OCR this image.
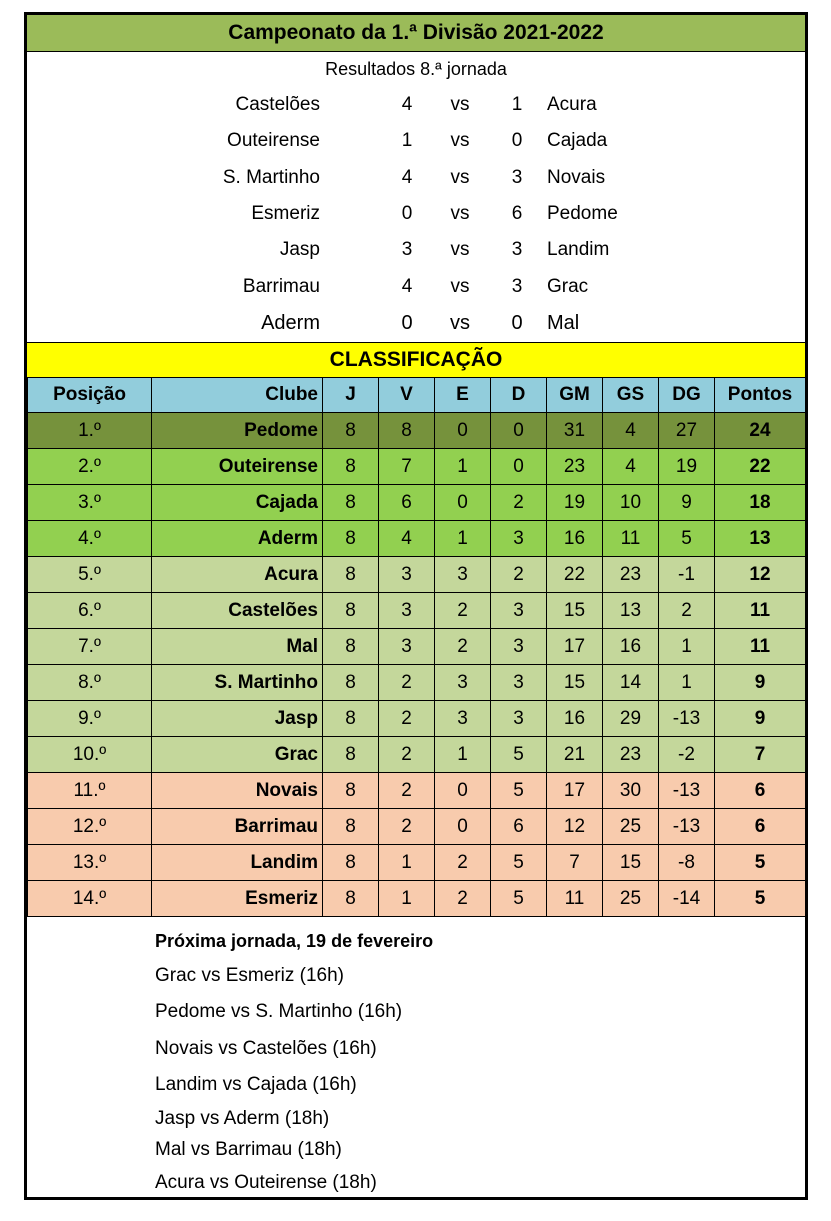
Campeonato da 1.ª Divisão 2021-2022
Resultados 8.ª jornada
Castelões	4 vs 1 Acura
Outeirense	1 vs 0 Cajada
S. Martinho	4 vs 3 Novais
Esmeriz	0 vs 6 Pedome
Jasp	3 vs 3 Landim
Barrimau	4 vs 3 Grac
Aderm	0 vs 0 Mal
CLASSIFICAÇÃO
Posição	Clube	J	V	E	D	GM	GS	DG	Pontos
1.º	Pedome	8	8	0	0	31	4	27	24
2.º	Outeirense	8	7	1	0	23	4	19	22
3.º	Cajada	8	6	0	2	19	10	9	18
4.º	Aderm	8	4	1	3	16	11	5	13
5.º	Acura	8	3	3	2	22	23	-1	12
6.º	Castelões	8	3	2	3	15	13	2	11
7.º	Mal	8	3	2	3	17	16	1	11
8.º	S. Martinho	8	2	3	3	15	14	1	9
9.º	Jasp	8	2	3	3	16	29	-13	9
10.º	Grac	8	2	1	5	21	23	-2	7
11.º	Novais	8	2	0	5	17	30	-13	6
12.º	Barrimau	8	2	0	6	12	25	-13	6
13.º	Landim	8	1	2	5	7	15	-8	5
14.º	Esmeriz	8	1	2	5	11	25	-14	5
Próxima jornada, 19 de fevereiro
Grac vs Esmeriz (16h)
Pedome vs S. Martinho (16h)
Novais vs Castelões (16h)
Landim vs Cajada (16h)
Jasp vs Aderm (18h)
Mal vs Barrimau (18h)
Acura vs Outeirense (18h)
